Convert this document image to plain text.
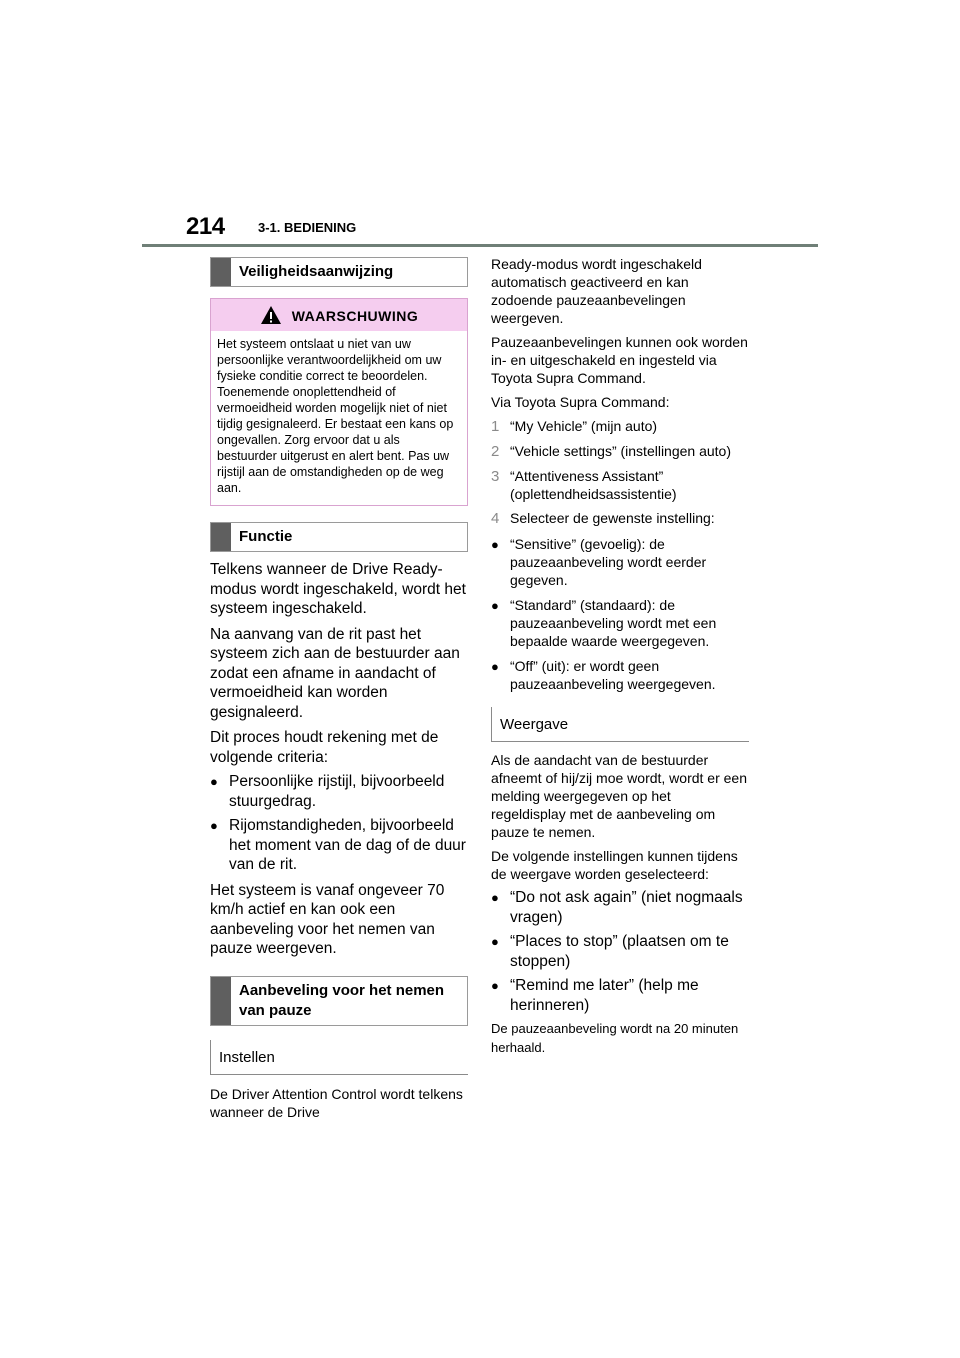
214	3-1. BEDIENING
Veiligheidsaanwijzing
WAARSCHUWING
Het systeem ontslaat u niet van uw persoonlijke verantwoordelijkheid om uw fysieke conditie correct te beoordelen. Toenemende onoplettendheid of vermoeidheid worden mogelijk niet of niet tijdig gesignaleerd. Er bestaat een kans op ongevallen. Zorg ervoor dat u als bestuurder uitgerust en alert bent. Pas uw rijstijl aan de omstandigheden op de weg aan.
Functie

Telkens wanneer de Drive Ready-modus wordt ingeschakeld, wordt het systeem ingeschakeld.

Na aanvang van de rit past het systeem zich aan de bestuurder aan zodat een afname in aandacht of vermoeidheid kan worden gesignaleerd.

Dit proces houdt rekening met de volgende criteria:

● Persoonlijke rijstijl, bijvoorbeeld stuurgedrag.
● Rijomstandigheden, bijvoorbeeld het moment van de dag of de duur van de rit.

Het systeem is vanaf ongeveer 70 km/h actief en kan ook een aanbeveling voor het nemen van pauze weergeven.

Aanbeveling voor het nemen van pauze
Instellen

De Driver Attention Control wordt telkens wanneer de Drive

Ready-modus wordt ingeschakeld automatisch geactiveerd en kan zodoende pauzeaanbevelingen weergeven.

Pauzeaanbevelingen kunnen ook worden in- en uitgeschakeld en ingesteld via Toyota Supra Command.

Via Toyota Supra Command:

1 “My Vehicle” (mijn auto)
2 “Vehicle settings” (instellingen auto)
3 “Attentiveness Assistant” (oplettendheidsassistentie)
4 Selecteer de gewenste instelling:
● “Sensitive” (gevoelig): de pauzeaanbeveling wordt eerder gegeven.
● “Standard” (standaard): de pauzeaanbeveling wordt met een bepaalde waarde weergegeven.
● “Off” (uit): er wordt geen pauzeaanbeveling weergegeven.
Weergave

Als de aandacht van de bestuurder afneemt of hij/zij moe wordt, wordt er een melding weergegeven op het regeldisplay met de aanbeveling om pauze te nemen.

De volgende instellingen kunnen tijdens de weergave worden geselecteerd:

● “Do not ask again” (niet nogmaals vragen)
● “Places to stop” (plaatsen om te stoppen)
● “Remind me later” (help me herinneren)

De pauzeaanbeveling wordt na 20 minuten herhaald.
